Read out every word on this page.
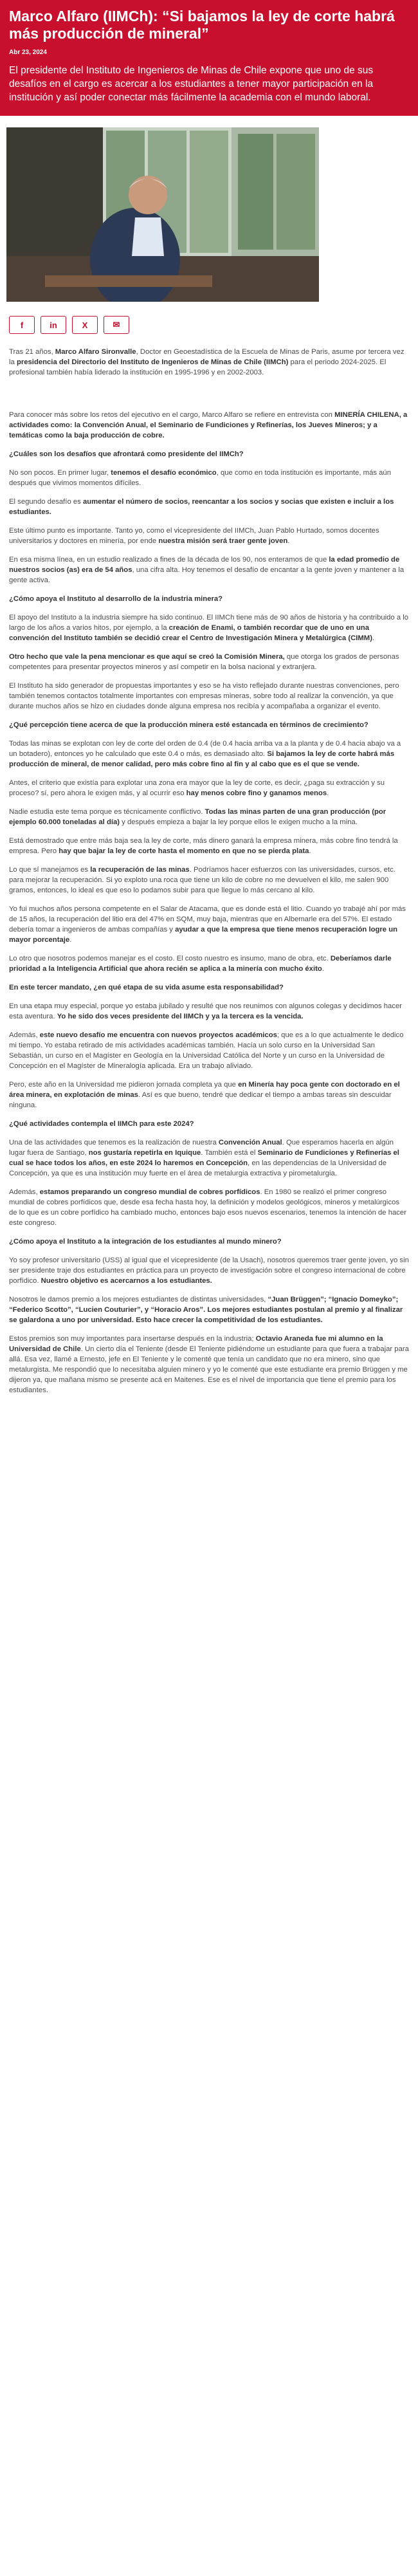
Marco Alfaro (IIMCh): “Si bajamos la ley de corte habrá más producción de mineral”
Abr 23, 2024
El presidente del Instituto de Ingenieros de Minas de Chile expone que uno de sus desafíos en el cargo es acercar a los estudiantes a tener mayor participación en la institución y así poder conectar más fácilmente la academia con el mundo laboral.
f	in	X	✉

Tras 21 años, Marco Alfaro Sironvalle, Doctor en Geoestadística de la Escuela de Minas de Paris, asume por tercera vez la presidencia del Directorio del Instituto de Ingenieros de Minas de Chile (IIMCh) para el periodo 2024-2025. El profesional también había liderado la institución en 1995-1996 y en 2002-2003.

Para conocer más sobre los retos del ejecutivo en el cargo, Marco Alfaro se refiere en entrevista con MINERÍA CHILENA, a actividades como: la Convención Anual, el Seminario de Fundiciones y Refinerías, los Jueves Mineros; y a temáticas como la baja producción de cobre.

¿Cuáles son los desafíos que afrontará como presidente del IIMCh?

No son pocos. En primer lugar, tenemos el desafío económico, que como en toda institución es importante, más aún después que vivimos momentos difíciles.

El segundo desafío es aumentar el número de socios, reencantar a los socios y socias que existen e incluir a los estudiantes.

Este último punto es importante. Tanto yo, como el vicepresidente del IIMCh, Juan Pablo Hurtado, somos docentes universitarios y doctores en minería, por ende nuestra misión será traer gente joven.

En esa misma línea, en un estudio realizado a fines de la década de los 90, nos enteramos de que la edad promedio de nuestros socios (as) era de 54 años, una cifra alta. Hoy tenemos el desafío de encantar a la gente joven y mantener a la gente activa.

¿Cómo apoya el Instituto al desarrollo de la industria minera?

El apoyo del Instituto a la industria siempre ha sido continuo. El IIMCh tiene más de 90 años de historia y ha contribuido a lo largo de los años a varios hitos, por ejemplo, a la creación de Enami, o también recordar que de uno en una convención del Instituto también se decidió crear el Centro de Investigación Minera y Metalúrgica (CIMM).

Otro hecho que vale la pena mencionar es que aquí se creó la Comisión Minera, que otorga los grados de personas competentes para presentar proyectos mineros y así competir en la bolsa nacional y extranjera.

El Instituto ha sido generador de propuestas importantes y eso se ha visto reflejado durante nuestras convenciones, pero también tenemos contactos totalmente importantes con empresas mineras, sobre todo al realizar la convención, ya que durante muchos años se hizo en ciudades donde alguna empresa nos recibía y acompañaba a organizar el evento.

¿Qué percepción tiene acerca de que la producción minera esté estancada en términos de crecimiento?

Todas las minas se explotan con ley de corte del orden de 0.4 (de 0.4 hacia arriba va a la planta y de 0.4 hacia abajo va a un botadero), entonces yo he calculado que este 0.4 o más, es demasiado alto. Si bajamos la ley de corte habrá más producción de mineral, de menor calidad, pero más cobre fino al fin y al cabo que es el que se vende.

Antes, el criterio que existía para explotar una zona era mayor que la ley de corte, es decir, ¿paga su extracción y su proceso? sí, pero ahora le exigen más, y al ocurrir eso hay menos cobre fino y ganamos menos.

Nadie estudia este tema porque es técnicamente conflictivo. Todas las minas parten de una gran producción (por ejemplo 60.000 toneladas al día) y después empieza a bajar la ley porque ellos le exigen mucho a la mina.

Está demostrado que entre más baja sea la ley de corte, más dinero ganará la empresa minera, más cobre fino tendrá la empresa. Pero hay que bajar la ley de corte hasta el momento en que no se pierda plata.

Lo que sí manejamos es la recuperación de las minas. Podríamos hacer esfuerzos con las universidades, cursos, etc. para mejorar la recuperación. Si yo exploto una roca que tiene un kilo de cobre no me devuelven el kilo, me salen 900 gramos, entonces, lo ideal es que eso lo podamos subir para que llegue lo más cercano al kilo.

Yo fui muchos años persona competente en el Salar de Atacama, que es donde está el litio. Cuando yo trabajé ahí por más de 15 años, la recuperación del litio era del 47% en SQM, muy baja, mientras que en Albemarle era del 57%. El estado debería tomar a ingenieros de ambas compañías y ayudar a que la empresa que tiene menos recuperación logre un mayor porcentaje.

Lo otro que nosotros podemos manejar es el costo. El costo nuestro es insumo, mano de obra, etc. Deberíamos darle prioridad a la Inteligencia Artificial que ahora recién se aplica a la minería con mucho éxito.

En este tercer mandato, ¿en qué etapa de su vida asume esta responsabilidad?

En una etapa muy especial, porque yo estaba jubilado y resulté que nos reunimos con algunos colegas y decidimos hacer esta aventura. Yo he sido dos veces presidente del IIMCh y ya la tercera es la vencida.

Además, este nuevo desafío me encuentra con nuevos proyectos académicos; que es a lo que actualmente le dedico mi tiempo. Yo estaba retirado de mis actividades académicas también. Hacía un solo curso en la Universidad San Sebastián, un curso en el Magíster en Geología en la Universidad Católica del Norte y un curso en la Universidad de Concepción en el Magíster de Mineralogía aplicada. Era un trabajo aliviado.

Pero, este año en la Universidad me pidieron jornada completa ya que en Minería hay poca gente con doctorado en el área minera, en explotación de minas. Así es que bueno, tendré que dedicar el tiempo a ambas tareas sin descuidar ninguna.

¿Qué actividades contempla el IIMCh para este 2024?

Una de las actividades que tenemos es la realización de nuestra Convención Anual. Que esperamos hacerla en algún lugar fuera de Santiago, nos gustaría repetirla en Iquique. También está el Seminario de Fundiciones y Refinerías el cual se hace todos los años, en este 2024 lo haremos en Concepción, en las dependencias de la Universidad de Concepción, ya que es una institución muy fuerte en el área de metalurgia extractiva y pirometalurgia.

Además, estamos preparando un congreso mundial de cobres porfídicos. En 1980 se realizó el primer congreso mundial de cobres porfídicos que, desde esa fecha hasta hoy, la definición y modelos geológicos, mineros y metalúrgicos de lo que es un cobre porfídico ha cambiado mucho, entonces bajo esos nuevos escenarios, tenemos la intención de hacer este congreso.

¿Cómo apoya el Instituto a la integración de los estudiantes al mundo minero?

Yo soy profesor universitario (USS) al igual que el vicepresidente (de la Usach), nosotros queremos traer gente joven, yo sin ser presidente traje dos estudiantes en práctica para un proyecto de investigación sobre el congreso internacional de cobre porfídico. Nuestro objetivo es acercarnos a los estudiantes.

Nosotros le damos premio a los mejores estudiantes de distintas universidades, “Juan Brüggen”; “Ignacio Domeyko”; “Federico Scotto”, “Lucien Couturier”, y “Horacio Aros”. Los mejores estudiantes postulan al premio y al finalizar se galardona a uno por universidad. Esto hace crecer la competitividad de los estudiantes.

Estos premios son muy importantes para insertarse después en la industria; Octavio Araneda fue mi alumno en la Universidad de Chile. Un cierto día el Teniente (desde El Teniente pidiéndome un estudiante para que fuera a trabajar para allá. Esa vez, llamé a Ernesto, jefe en El Teniente y le comenté que tenía un candidato que no era minero, sino que metalurgista. Me respondió que lo necesitaba alguien minero y yo le comenté que este estudiante era premio Brüggen y me dijeron ya, que mañana mismo se presente acá en Maitenes. Ese es el nivel de importancia que tiene el premio para los estudiantes.
